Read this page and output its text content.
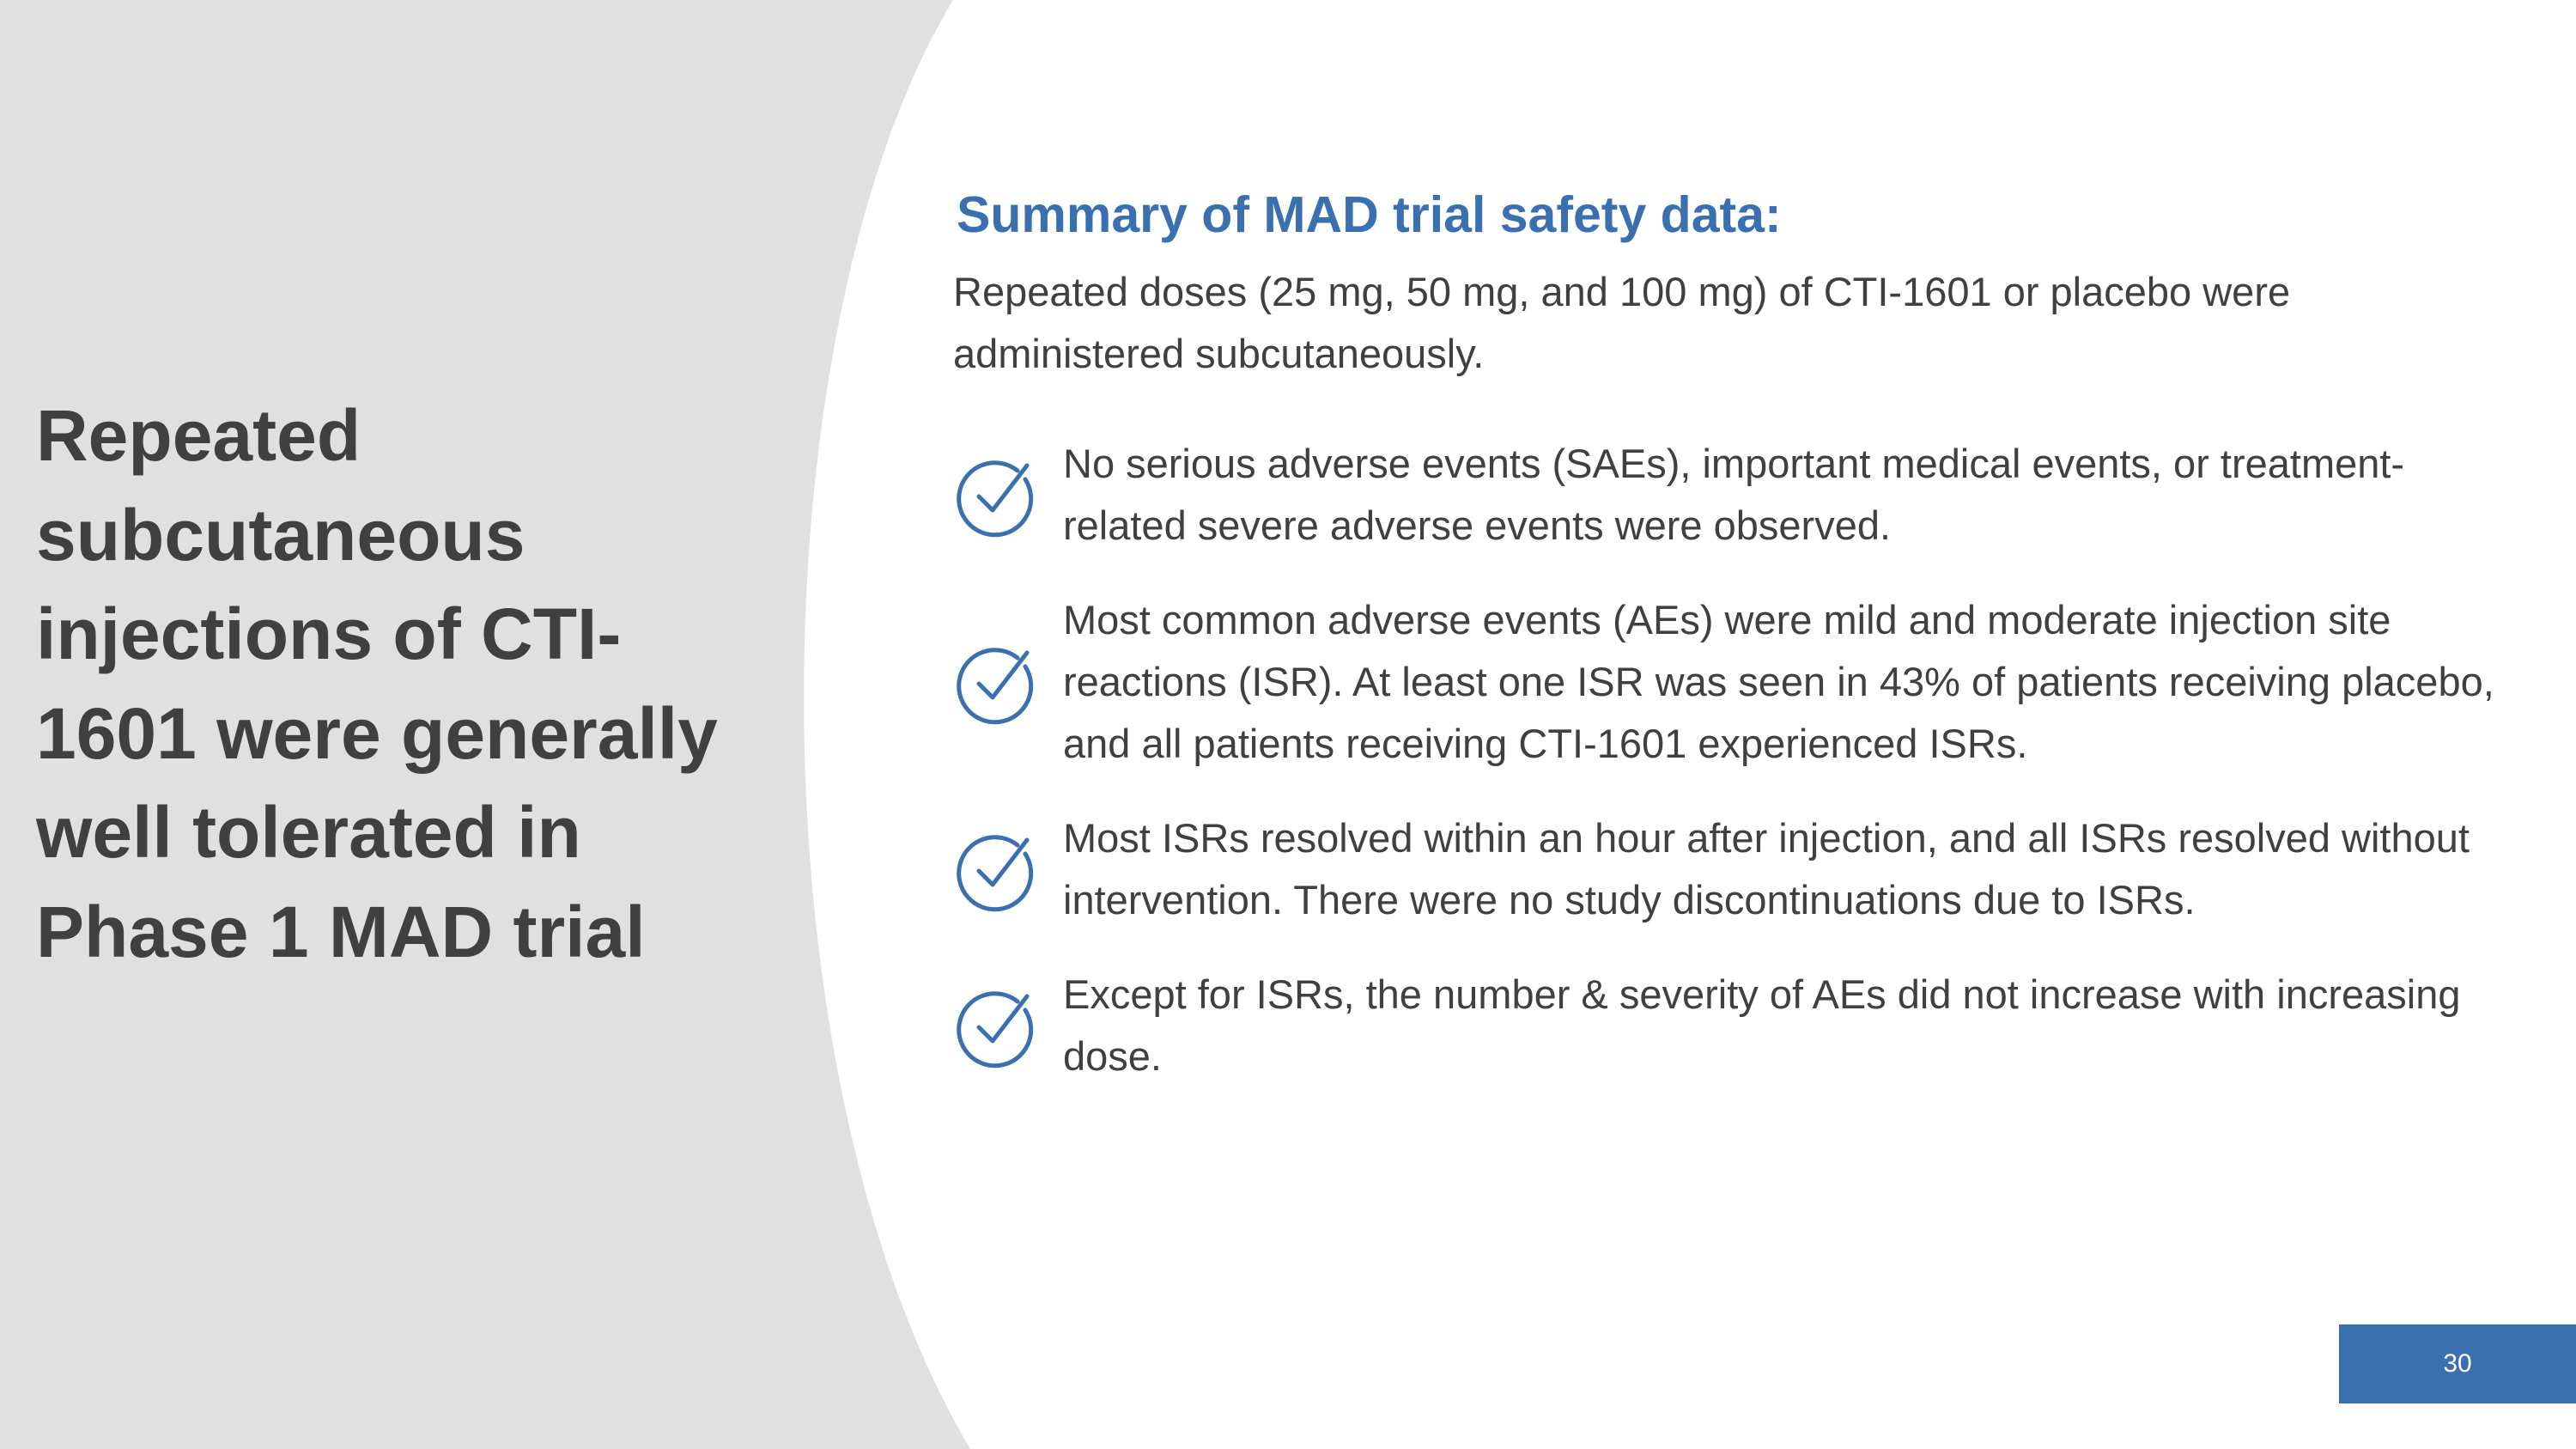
Repeated subcutaneous injections of CTI-1601 were generally well tolerated in Phase 1 MAD trial
Summary of MAD trial safety data:

Repeated doses (25 mg, 50 mg, and 100 mg) of CTI-1601 or placebo were administered subcutaneously.

No serious adverse events (SAEs), important medical events, or treatment-related severe adverse events were observed.
Most common adverse events (AEs) were mild and moderate injection site reactions (ISR). At least one ISR was seen in 43% of patients receiving placebo, and all patients receiving CTI-1601 experienced ISRs.
Most ISRs resolved within an hour after injection, and all ISRs resolved without intervention. There were no study discontinuations due to ISRs.
Except for ISRs, the number & severity of AEs did not increase with increasing dose.
30
